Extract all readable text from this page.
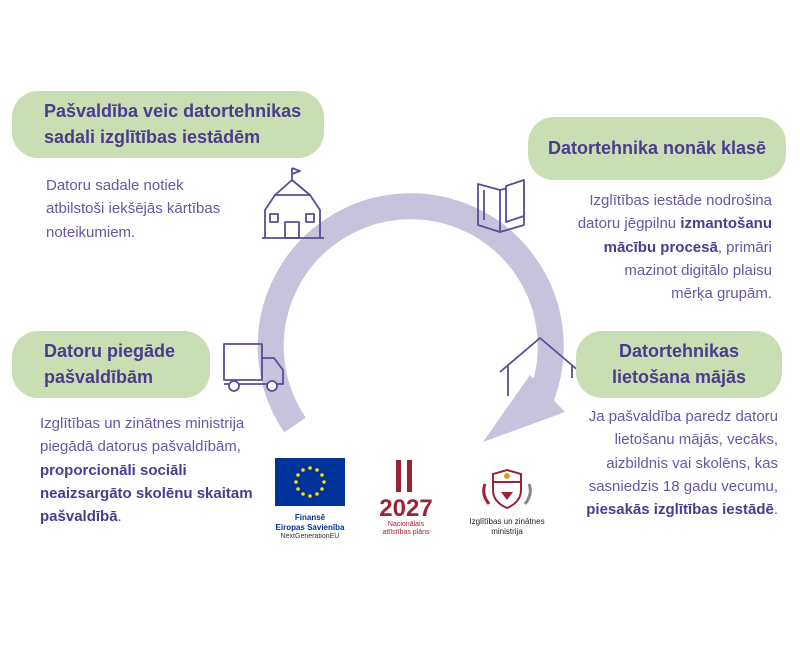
Pašvaldība veic datortehnikas
sadali izglītības iestādēm
Datoru sadale notiek
atbilstoši iekšējās kārtības
noteikumiem.
Datortehnika nonāk klasē
Izglītības iestāde nodrošina
datoru jēgpilnu izmantošanu
mācību procesā, primāri
mazinot digitālo plaisu
mērķa grupām.
Datoru piegāde
pašvaldībām
Izglītības un zinātnes ministrija
piegādā datorus pašvaldībām,
proporcionāli sociāli
neaizsargāto skolēnu skaitam
pašvaldībā.
Datortehnikas
lietošana mājās
Ja pašvaldība paredz datoru
lietošanu mājās, vecāks,
aizbildnis vai skolēns, kas
sasniedzis 18 gadu vecumu,
piesakās izglītības iestādē.
Finansē
Eiropas Savienība
NextGenerationEU
2027
Nacionālais
attīstības plāns
Izglītības un zinātnes
ministrija
